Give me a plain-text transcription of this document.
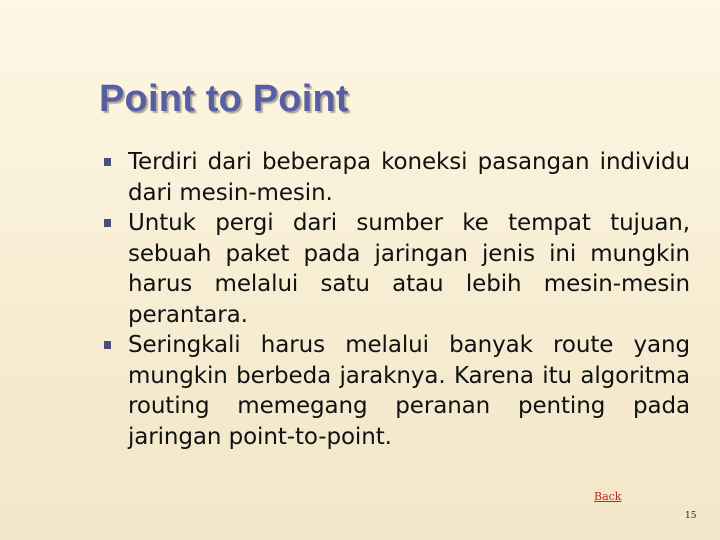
Point to Point
Terdiri dari beberapa koneksi pasangan individu dari mesin-mesin.
Untuk pergi dari sumber ke tempat tujuan, sebuah paket pada jaringan jenis ini mungkin harus melalui satu atau lebih mesin-mesin perantara.
Seringkali harus melalui banyak route yang mungkin berbeda jaraknya. Karena itu algoritma routing memegang peranan penting pada jaringan point-to-point.
Back
15
